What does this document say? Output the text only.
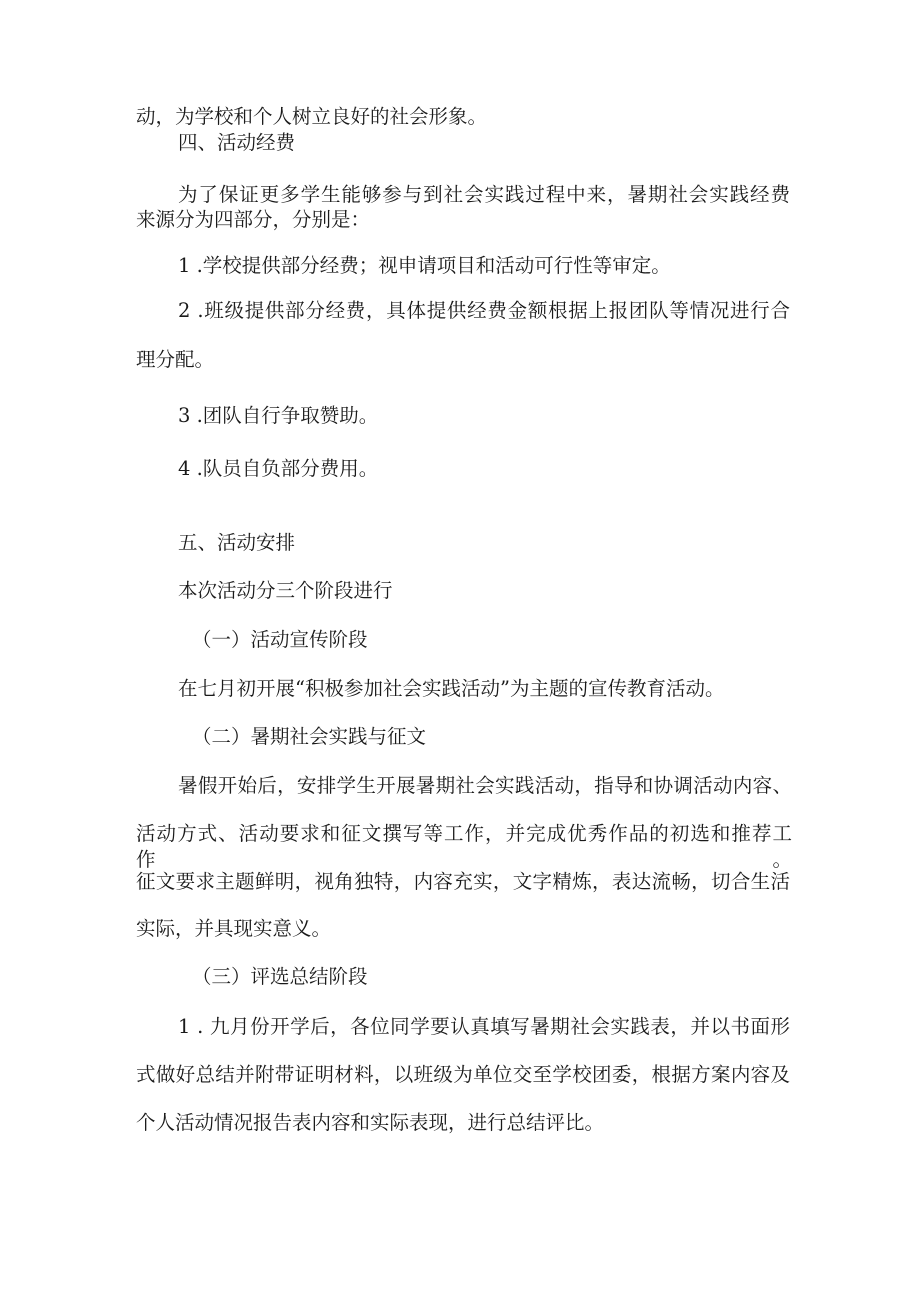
动，为学校和个人树立良好的社会形象。

四、活动经费

为了保证更多学生能够参与到社会实践过程中来，暑期社会实践经费

来源分为四部分，分别是：

1 .学校提供部分经费；视申请项目和活动可行性等审定。

2 .班级提供部分经费，具体提供经费金额根据上报团队等情况进行合

理分配。

3 .团队自行争取赞助。

4 .队员自负部分费用。

五、活动安排

本次活动分三个阶段进行

（一）活动宣传阶段

在七月初开展“积极参加社会实践活动”为主题的宣传教育活动。

（二）暑期社会实践与征文

暑假开始后，安排学生开展暑期社会实践活动，指导和协调活动内容、

活动方式、活动要求和征文撰写等工作，并完成优秀作品的初选和推荐工作。

征文要求主题鲜明，视角独特，内容充实，文字精炼，表达流畅，切合生活

实际，并具现实意义。

（三）评选总结阶段

1 . 九月份开学后，各位同学要认真填写暑期社会实践表，并以书面形

式做好总结并附带证明材料，以班级为单位交至学校团委，根据方案内容及

个人活动情况报告表内容和实际表现，进行总结评比。
